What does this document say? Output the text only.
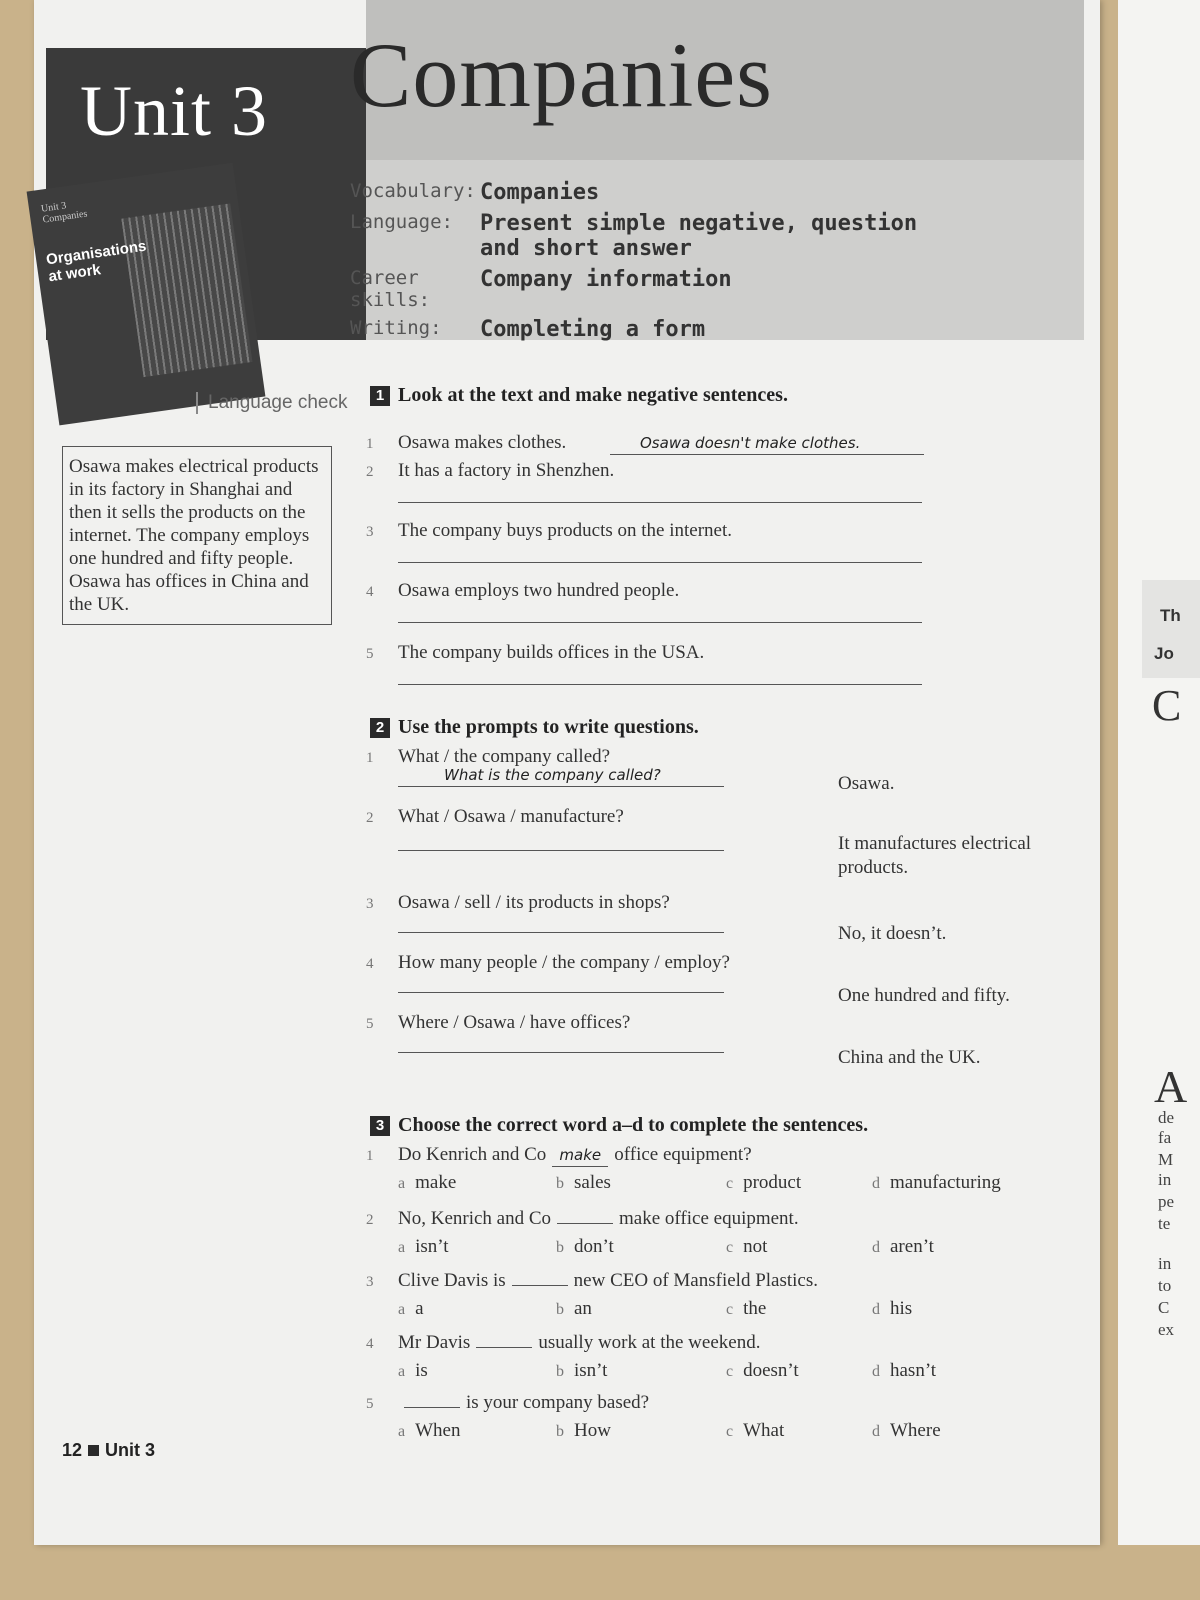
Th
Jo
C
A
Unit 3 Companies
Vocabulary: Companies
Language:	Present simple negative, question and short answer
Career skills:
Company information
Writing:	Completing a form
Unit 3 Companies
Organisations at work
Language check
Osawa makes electrical products in its factory in Shanghai and then it sells the products on the internet. The company employs one hundred and fifty people. Osawa has offices in China and the UK.
1 Look at the text and make negative sentences.
2 Use the prompts to write questions.
3 Choose the correct word a–d to complete the sentences.
12 Unit 3
de
fa
M
in
pe
te
in
to
C
ex
1 Osawa makes clothes.	Osawa doesn't make clothes.
2 It has a factory in Shenzhen.
3 The company buys products on the internet.
4 Osawa employs two hundred people.
5 The company builds offices in the USA.
1 What / the company called?
What is the company called?	Osawa.
2 What / Osawa / manufacture?
It manufactures electrical products.
3 Osawa / sell / its products in shops?
No, it doesn’t.
4 How many people / the company / employ?
One hundred and fifty.
5 Where / Osawa / have offices?
China and the UK.
1 Do Kenrich and Co make office equipment?
a make	b sales	c product	d manufacturing
2 No, Kenrich and Co	make office equipment.
a isn’t	b don’t	c not	d aren’t
3 Clive Davis is	new CEO of Mansfield Plastics.
a a	b an	c the	d his
4 Mr Davis	usually work at the weekend.
a is	b isn’t	c doesn’t	d hasn’t
5	is your company based?
a When	b How	c What	d Where
